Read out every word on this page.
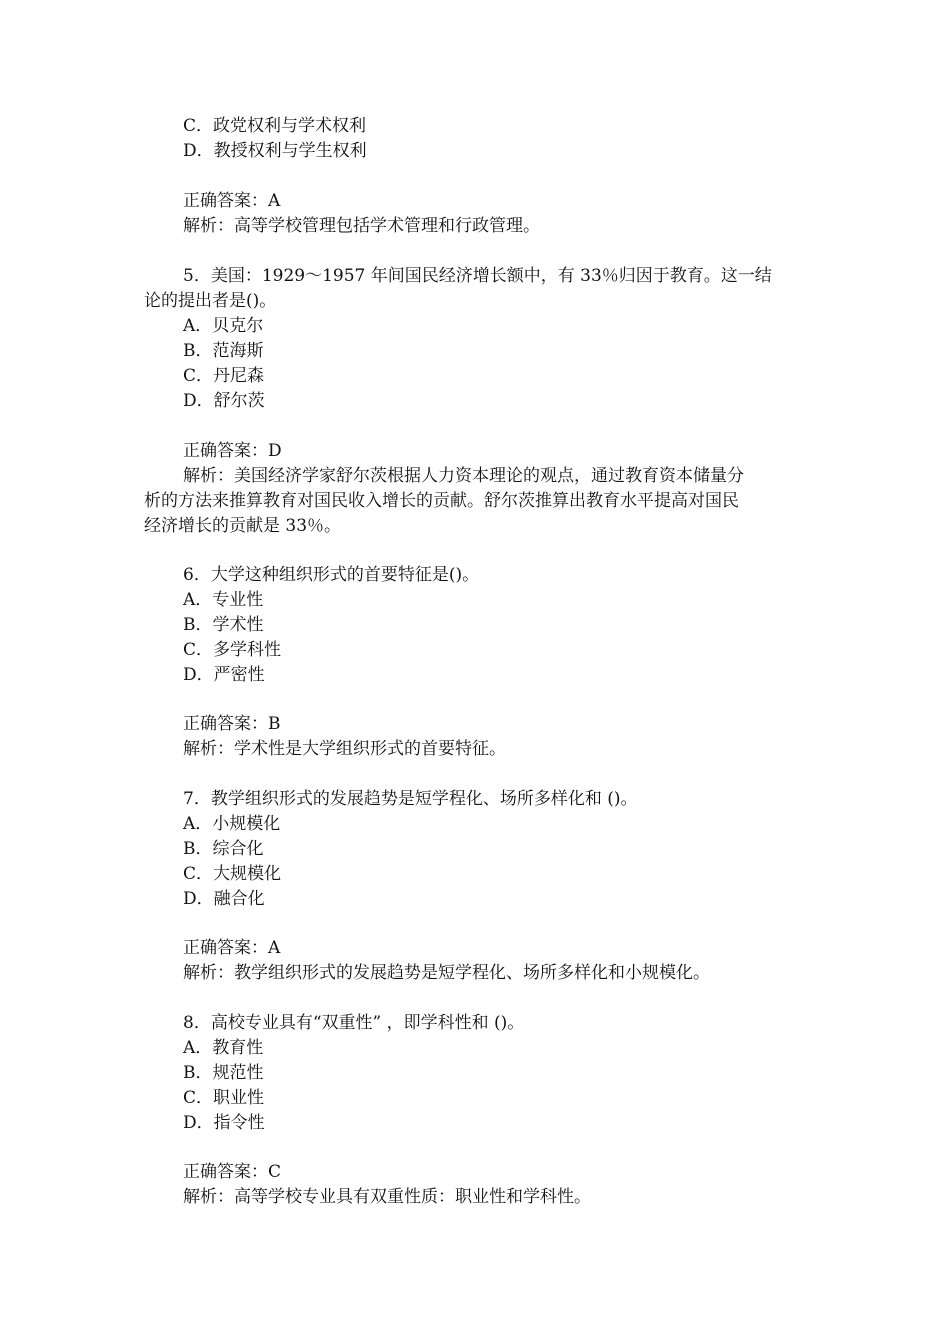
C．政党权利与学术权利
D．教授权利与学生权利
正确答案：A
解析：高等学校管理包括学术管理和行政管理。
5．美国：1929～1957 年间国民经济增长额中，有 33％归因于教育。这一结
论的提出者是()。
A．贝克尔
B．范海斯
C．丹尼森
D．舒尔茨
正确答案：D
解析：美国经济学家舒尔茨根据人力资本理论的观点，通过教育资本储量分
析的方法来推算教育对国民收入增长的贡献。舒尔茨推算出教育水平提高对国民
经济增长的贡献是 33％。
6．大学这种组织形式的首要特征是()。
A．专业性
B．学术性
C．多学科性
D．严密性
正确答案：B
解析：学术性是大学组织形式的首要特征。
7．教学组织形式的发展趋势是短学程化、场所多样化和 ()。
A．小规模化
B．综合化
C．大规模化
D．融合化
正确答案：A
解析：教学组织形式的发展趋势是短学程化、场所多样化和小规模化。
8．高校专业具有“双重性” ，即学科性和 ()。
A．教育性
B．规范性
C．职业性
D．指令性
正确答案：C
解析：高等学校专业具有双重性质：职业性和学科性。
